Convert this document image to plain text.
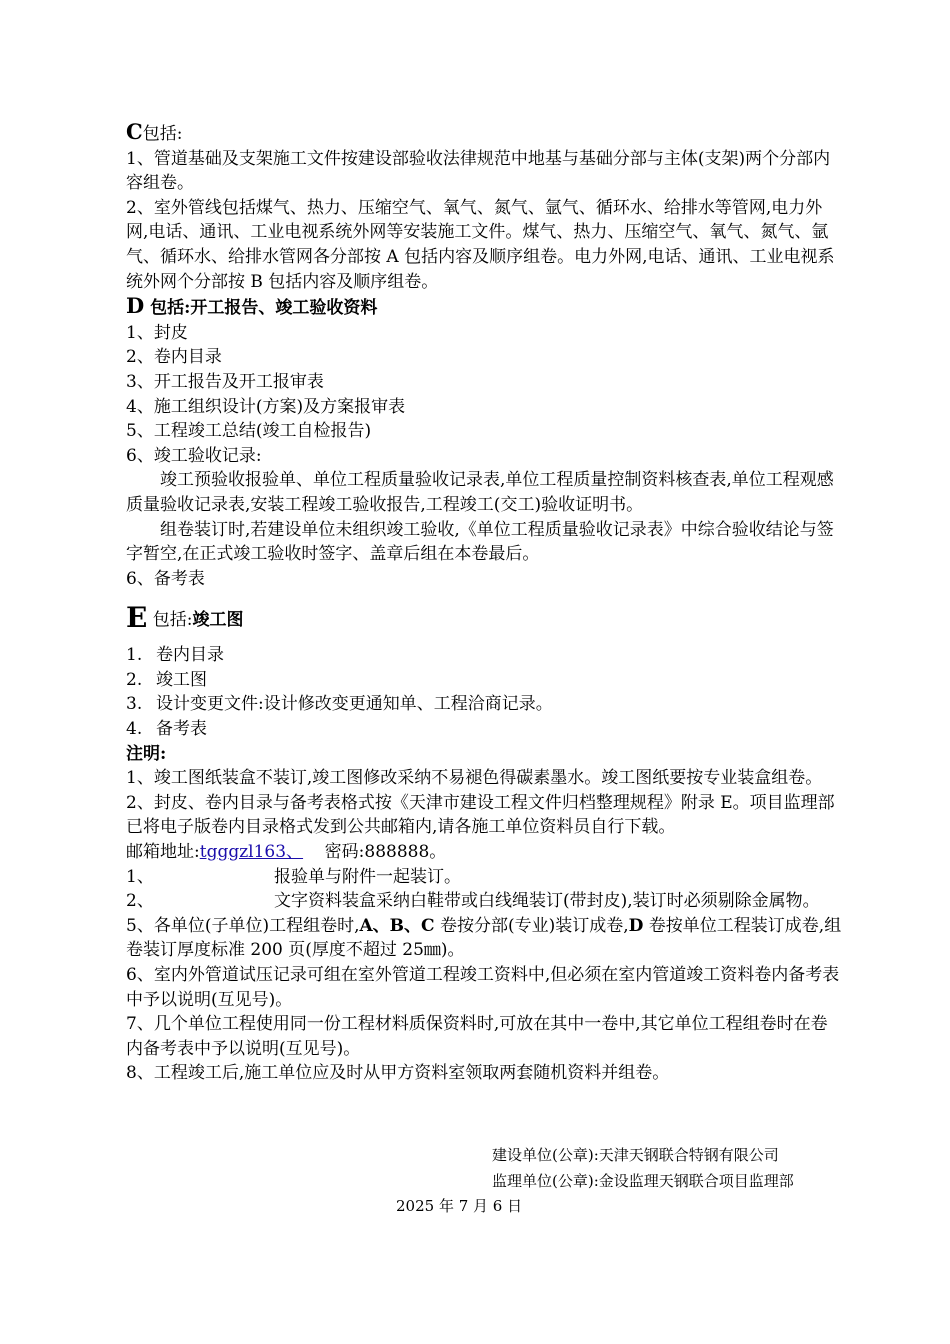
C包括:

1、管道基础及支架施工文件按建设部验收法律规范中地基与基础分部与主体(支架)两个分部内容组卷。

2、室外管线包括煤气、热力、压缩空气、氧气、氮气、氩气、循环水、给排水等管网,电力外网,电话、通讯、工业电视系统外网等安装施工文件。煤气、热力、压缩空气、氧气、氮气、氩气、循环水、给排水管网各分部按 A 包括内容及顺序组卷。电力外网,电话、通讯、工业电视系统外网个分部按 B 包括内容及顺序组卷。

D 包括:开工报告、竣工验收资料

1、封皮

2、卷内目录

3、开工报告及开工报审表

4、施工组织设计(方案)及方案报审表

5、工程竣工总结(竣工自检报告)

6、竣工验收记录:

竣工预验收报验单、单位工程质量验收记录表,单位工程质量控制资料核查表,单位工程观感质量验收记录表,安装工程竣工验收报告,工程竣工(交工)验收证明书。

组卷装订时,若建设单位未组织竣工验收,《单位工程质量验收记录表》中综合验收结论与签字暂空,在正式竣工验收时签字、盖章后组在本卷最后。

6、备考表

E 包括:竣工图

1. 卷内目录
2. 竣工图
3. 设计变更文件:设计修改变更通知单、工程洽商记录。
4. 备考表

注明:

1、竣工图纸装盒不装订,竣工图修改采纳不易褪色得碳素墨水。竣工图纸要按专业装盒组卷。

2、封皮、卷内目录与备考表格式按《天津市建设工程文件归档整理规程》附录 E。项目监理部已将电子版卷内目录格式发到公共邮箱内,请各施工单位资料员自行下载。

邮箱地址:tgggzl163、    密码:888888。

1、	报验单与附件一起装订。
2、	文字资料装盒采纳白鞋带或白线绳装订(带封皮),装订时必须剔除金属物。

5、各单位(子单位)工程组卷时,A、B、C 卷按分部(专业)装订成卷,D 卷按单位工程装订成卷,组卷装订厚度标准 200 页(厚度不超过 25㎜)。

6、室内外管道试压记录可组在室外管道工程竣工资料中,但必须在室内管道竣工资料卷内备考表中予以说明(互见号)。

7、几个单位工程使用同一份工程材料质保资料时,可放在其中一卷中,其它单位工程组卷时在卷内备考表中予以说明(互见号)。

8、工程竣工后,施工单位应及时从甲方资料室领取两套随机资料并组卷。

建设单位(公章):天津天钢联合特钢有限公司
监理单位(公章):金设监理天钢联合项目监理部
2025 年 7 月 6 日
